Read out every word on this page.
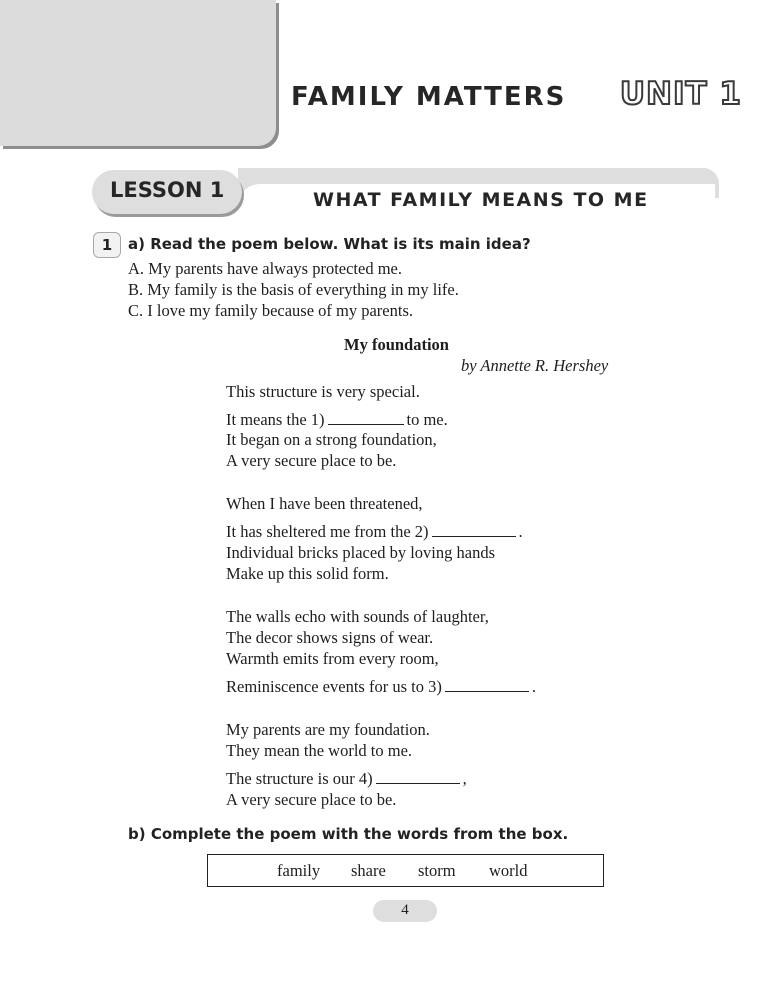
UNIT 1
FAMILY MATTERS
LESSON 1	WHAT FAMILY MEANS TO ME
1	a) Read the poem below. What is its main idea?
A. My parents have always protected me.
B. My family is the basis of everything in my life.
C. I love my family because of my parents.
My foundation
by Annette R. Hershey
This structure is very special.
It means the 1)	to me.
It began on a strong foundation,
A very secure place to be.
When I have been threatened,
It has sheltered me from the 2)	.
Individual bricks placed by loving hands
Make up this solid form.
The walls echo with sounds of laughter,
The decor shows signs of wear.
Warmth emits from every room,
Reminiscence events for us to 3)	.
My parents are my foundation.
They mean the world to me.
The structure is our 4)	,
A very secure place to be.
b) Complete the poem with the words from the box.
family share storm world
4
